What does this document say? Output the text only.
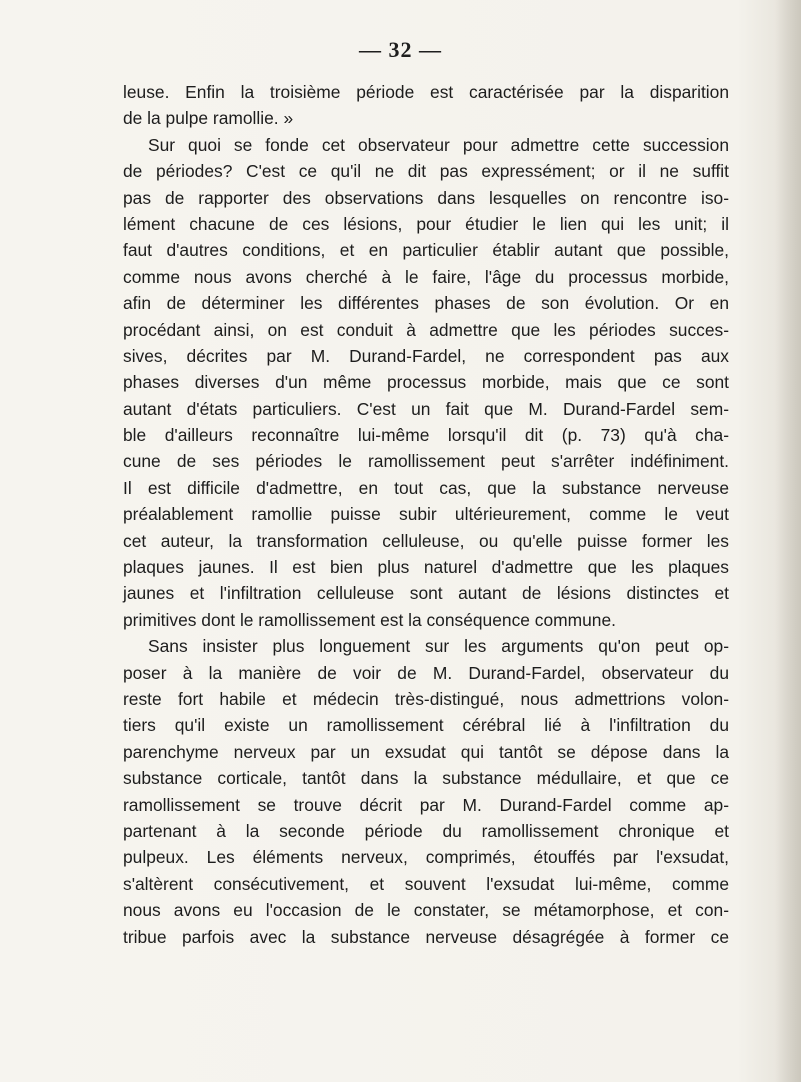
— 32 —
leuse. Enfin la troisième période est caractérisée par la disparition
de la pulpe ramollie. »
Sur quoi se fonde cet observateur pour admettre cette succession
de périodes? C'est ce qu'il ne dit pas expressément; or il ne suffit
pas de rapporter des observations dans lesquelles on rencontre iso-
lément chacune de ces lésions, pour étudier le lien qui les unit; il
faut d'autres conditions, et en particulier établir autant que possible,
comme nous avons cherché à le faire, l'âge du processus morbide,
afin de déterminer les différentes phases de son évolution. Or en
procédant ainsi, on est conduit à admettre que les périodes succes-
sives, décrites par M. Durand-Fardel, ne correspondent pas aux
phases diverses d'un même processus morbide, mais que ce sont
autant d'états particuliers. C'est un fait que M. Durand-Fardel sem-
ble d'ailleurs reconnaître lui-même lorsqu'il dit (p. 73) qu'à cha-
cune de ses périodes le ramollissement peut s'arrêter indéfiniment.
Il est difficile d'admettre, en tout cas, que la substance nerveuse
préalablement ramollie puisse subir ultérieurement, comme le veut
cet auteur, la transformation celluleuse, ou qu'elle puisse former les
plaques jaunes. Il est bien plus naturel d'admettre que les plaques
jaunes et l'infiltration celluleuse sont autant de lésions distinctes et
primitives dont le ramollissement est la conséquence commune.
Sans insister plus longuement sur les arguments qu'on peut op-
poser à la manière de voir de M. Durand-Fardel, observateur du
reste fort habile et médecin très-distingué, nous admettrions volon-
tiers qu'il existe un ramollissement cérébral lié à l'infiltration du
parenchyme nerveux par un exsudat qui tantôt se dépose dans la
substance corticale, tantôt dans la substance médullaire, et que ce
ramollissement se trouve décrit par M. Durand-Fardel comme ap-
partenant à la seconde période du ramollissement chronique et
pulpeux. Les éléments nerveux, comprimés, étouffés par l'exsudat,
s'altèrent consécutivement, et souvent l'exsudat lui-même, comme
nous avons eu l'occasion de le constater, se métamorphose, et con-
tribue parfois avec la substance nerveuse désagrégée à former ce
